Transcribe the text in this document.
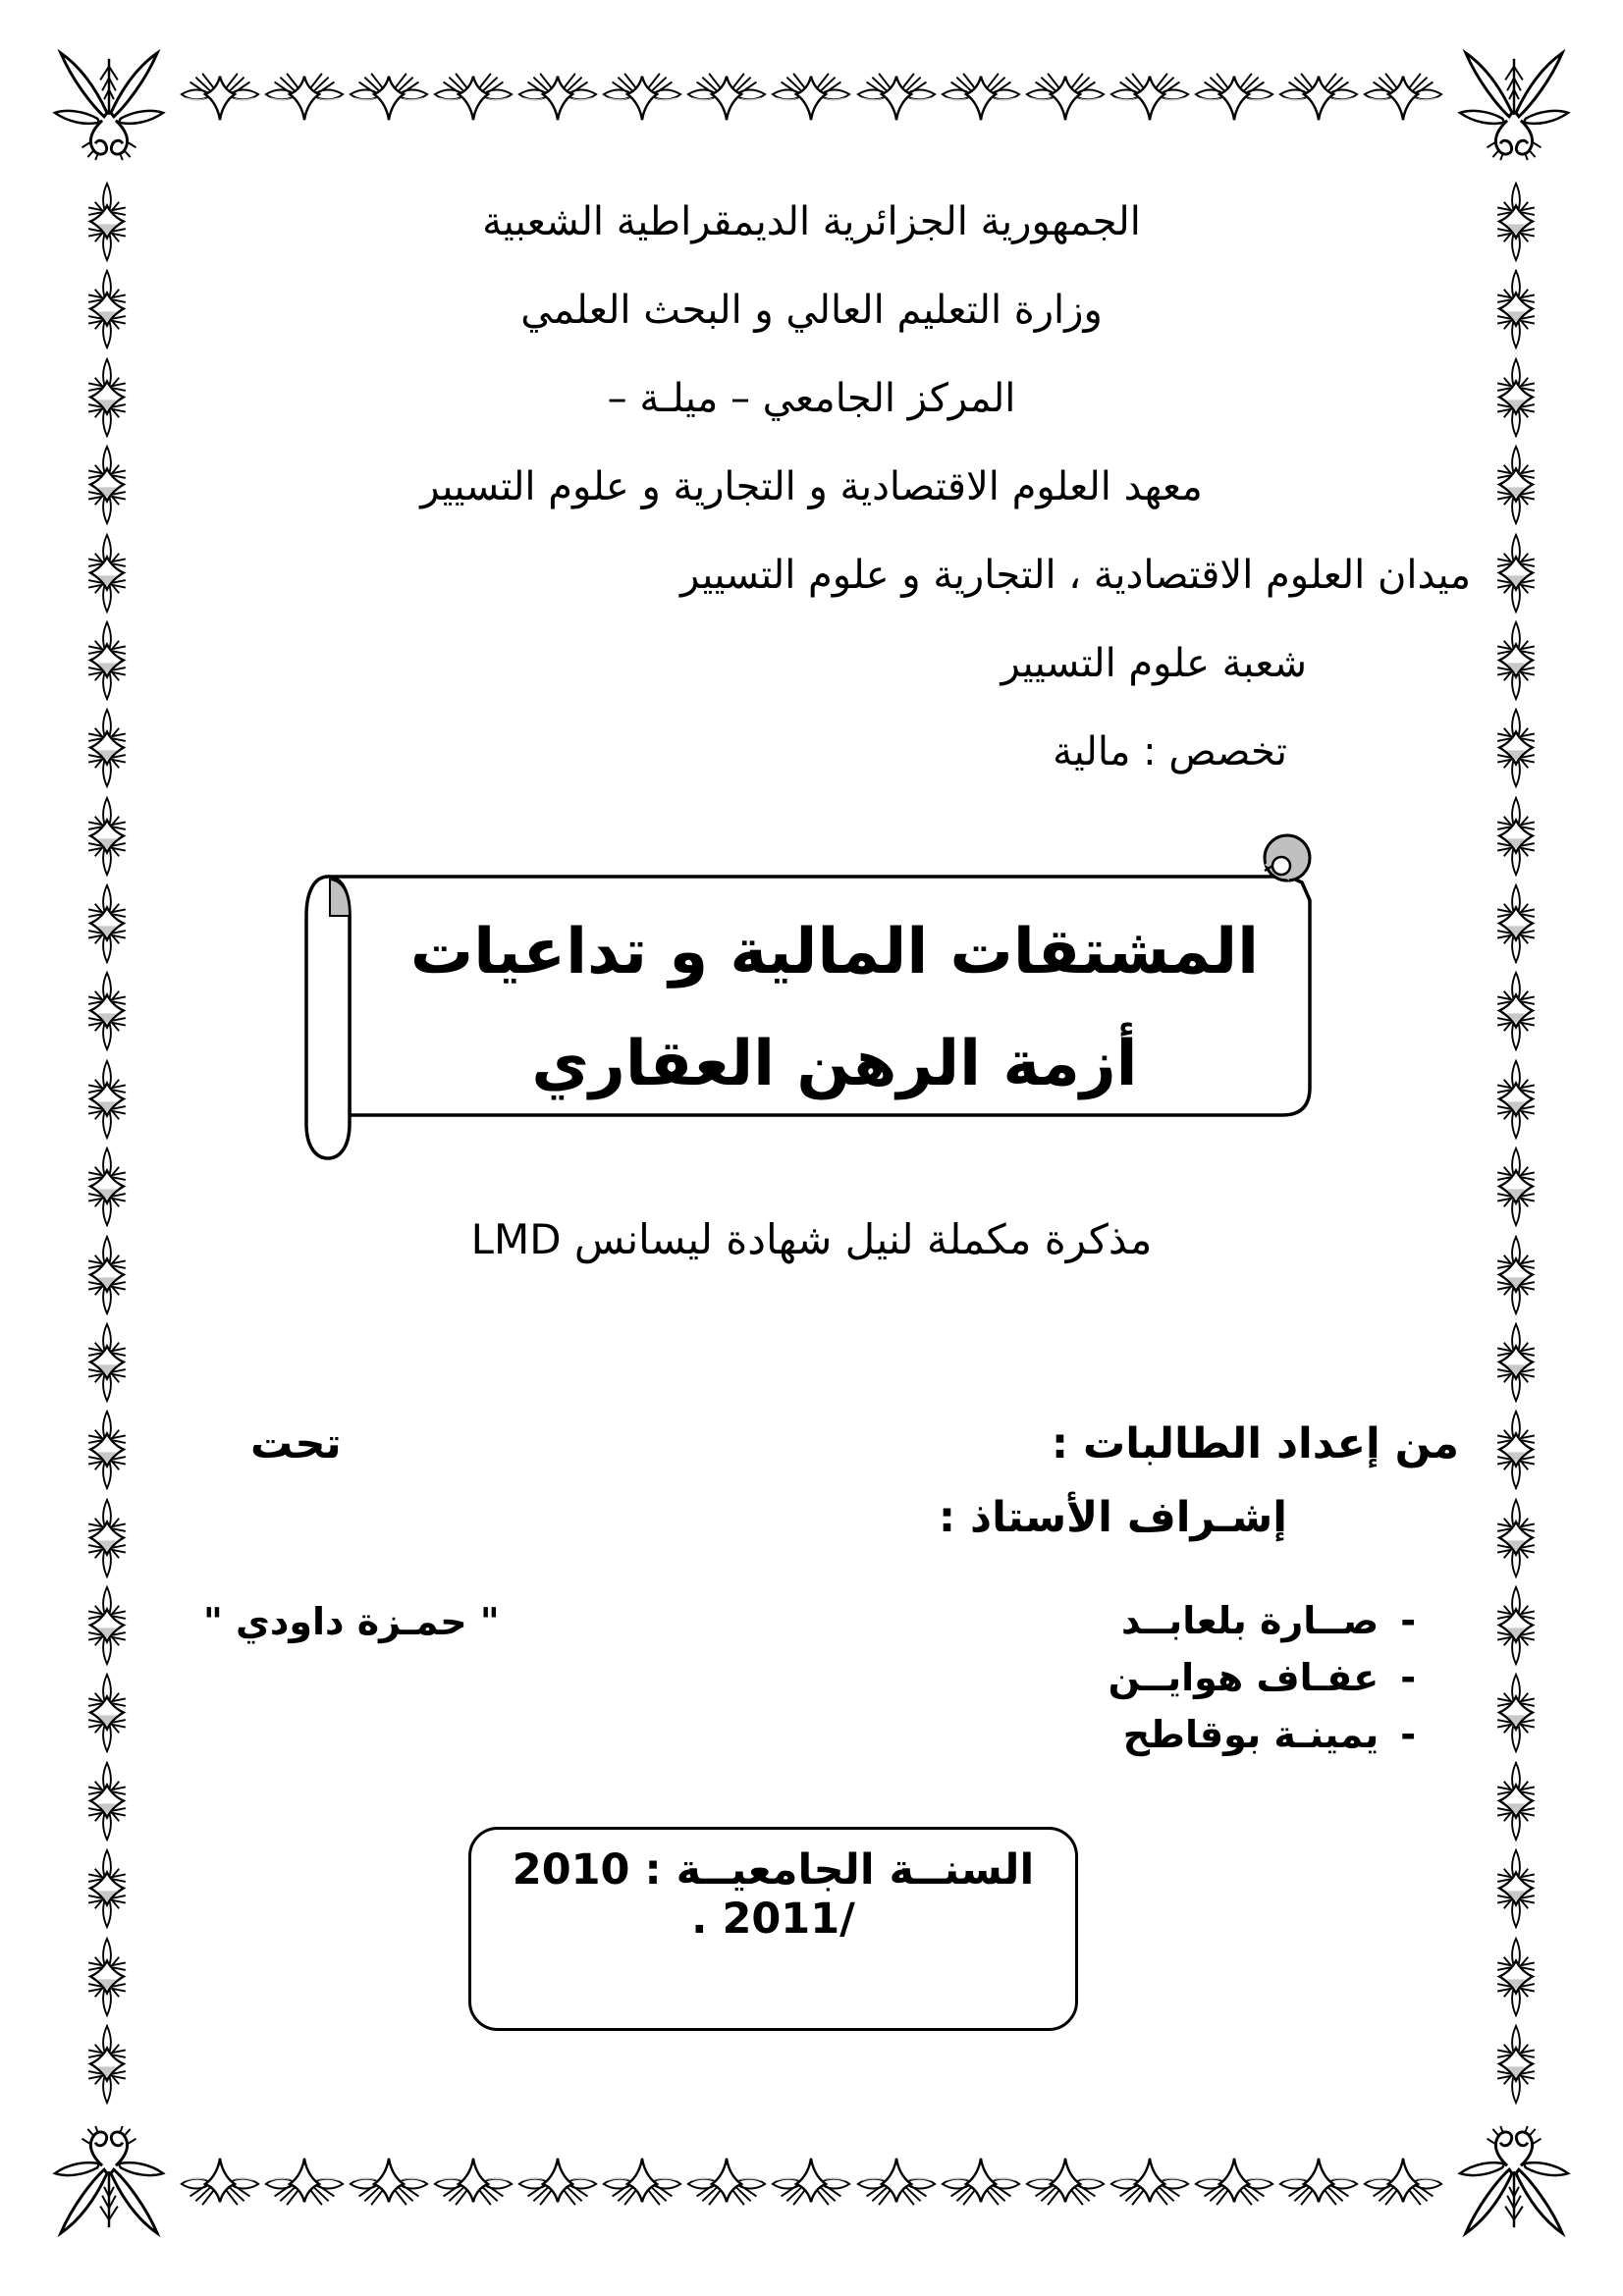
الجمهورية الجزائرية الديمقراطية الشعبية
وزارة التعليم العالي و البحث العلمي
المركز الجامعي – ميلـة –
معهد العلوم الاقتصادية و التجارية و علوم التسيير
ميدان العلوم الاقتصادية ، التجارية و علوم التسيير
شعبة علوم التسيير
تخصص : مالية
المشتقات المالية و تداعيات
أزمة الرهن العقاري
مذكرة مكملة لنيل شهادة ليسانس LMD
من إعداد الطالبات :
تحت
إشـراف الأستاذ :
-
صــارة بلعابــد
-
عفـاف هوايــن
-
يمينـة بوقاطح
" حمـزة داودي "
السنــة الجامعيــة : 2010 /2011 .
